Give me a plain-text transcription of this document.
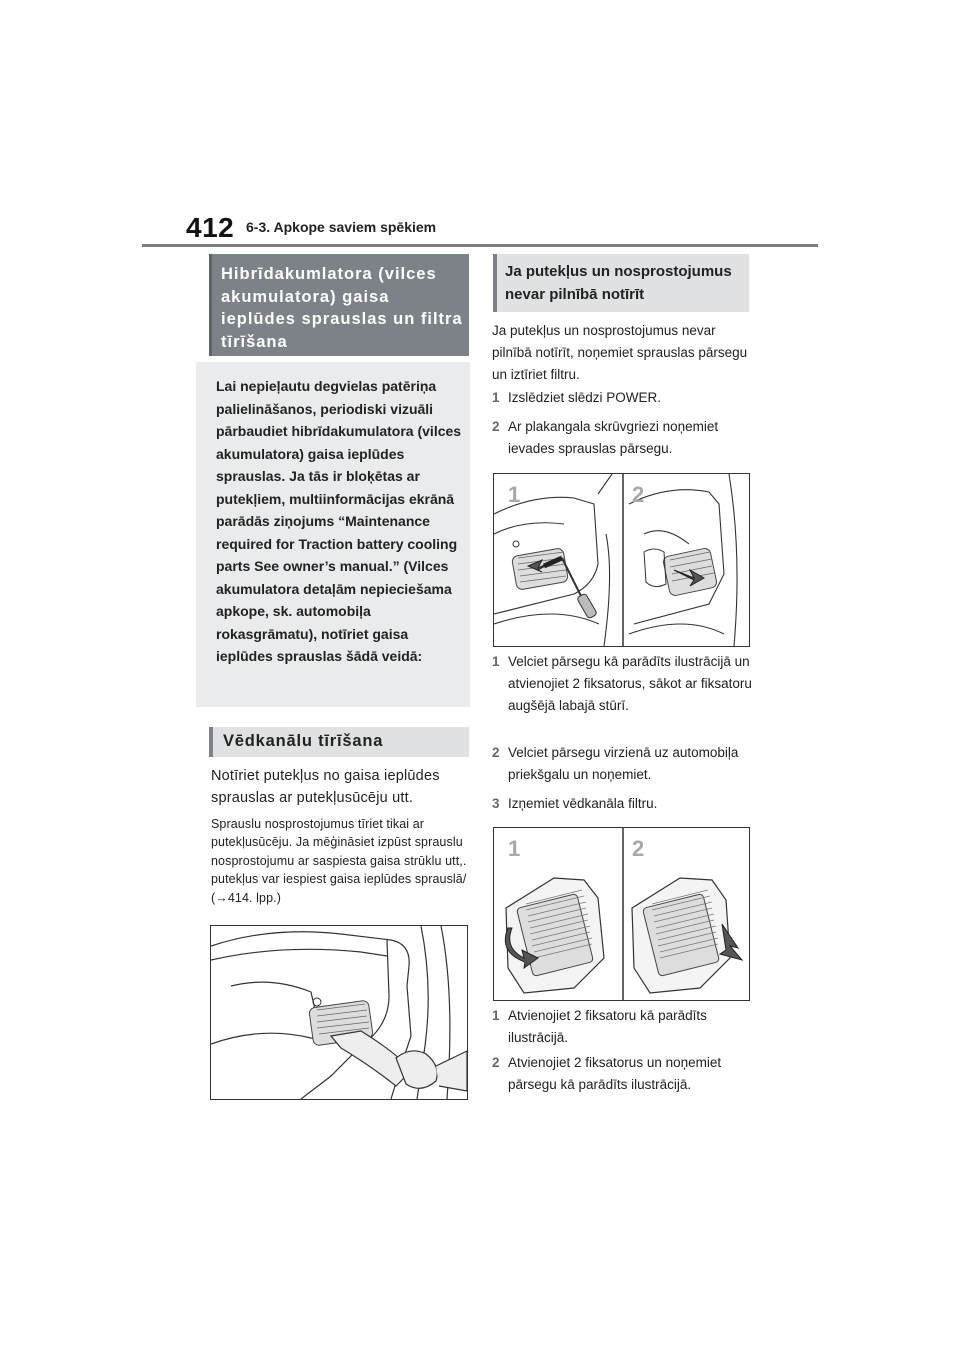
412 6-3. Apkope saviem spēkiem
Hibrīdakumlatora (vilces akumulatora) gaisa ieplūdes sprauslas un filtra tīrīšana
Lai nepieļautu degvielas patēriņa palielināšanos, periodiski vizuāli pārbaudiet hibrīdakumulatora (vilces akumulatora) gaisa ieplūdes sprauslas. Ja tās ir bloķētas ar putekļiem, multiinformācijas ekrānā parādās ziņojums “Maintenance required for Traction battery cooling parts See owner’s manual.” (Vilces akumulatora detaļām nepieciešama apkope, sk. automobiļa rokasgrāmatu), notīriet gaisa ieplūdes sprauslas šādā veidā:
Vēdkanālu tīrīšana
Notīriet putekļus no gaisa ieplūdes sprauslas ar putekļusūcēju utt.
Sprauslu nosprostojumus tīriet tikai ar putekļusūcēju. Ja mēģināsiet izpūst sprauslu nosprostojumu ar saspiesta gaisa strūklu utt,. putekļus var iespiest gaisa ieplūdes sprauslā/ (→414. lpp.)
Ja putekļus un nosprostojumus nevar pilnībā notīrīt
Ja putekļus un nosprostojumus nevar pilnībā notīrīt, noņemiet sprauslas pārsegu un iztīriet filtru.
1 Izslēdziet slēdzi POWER.
2 Ar plakangala skrūvgriezi noņemiet ievades sprauslas pārsegu.
1	2
1 Velciet pārsegu kā parādīts ilustrācijā un atvienojiet 2 fiksatorus, sākot ar fiksatoru augšējā labajā stūrī.
2 Velciet pārsegu virzienā uz automobiļa priekšgalu un noņemiet.
3 Izņemiet vēdkanāla filtru.
1	2
1 Atvienojiet 2 fiksatoru kā parādīts ilustrācijā.
2 Atvienojiet 2 fiksatorus un noņemiet pārsegu kā parādīts ilustrācijā.
